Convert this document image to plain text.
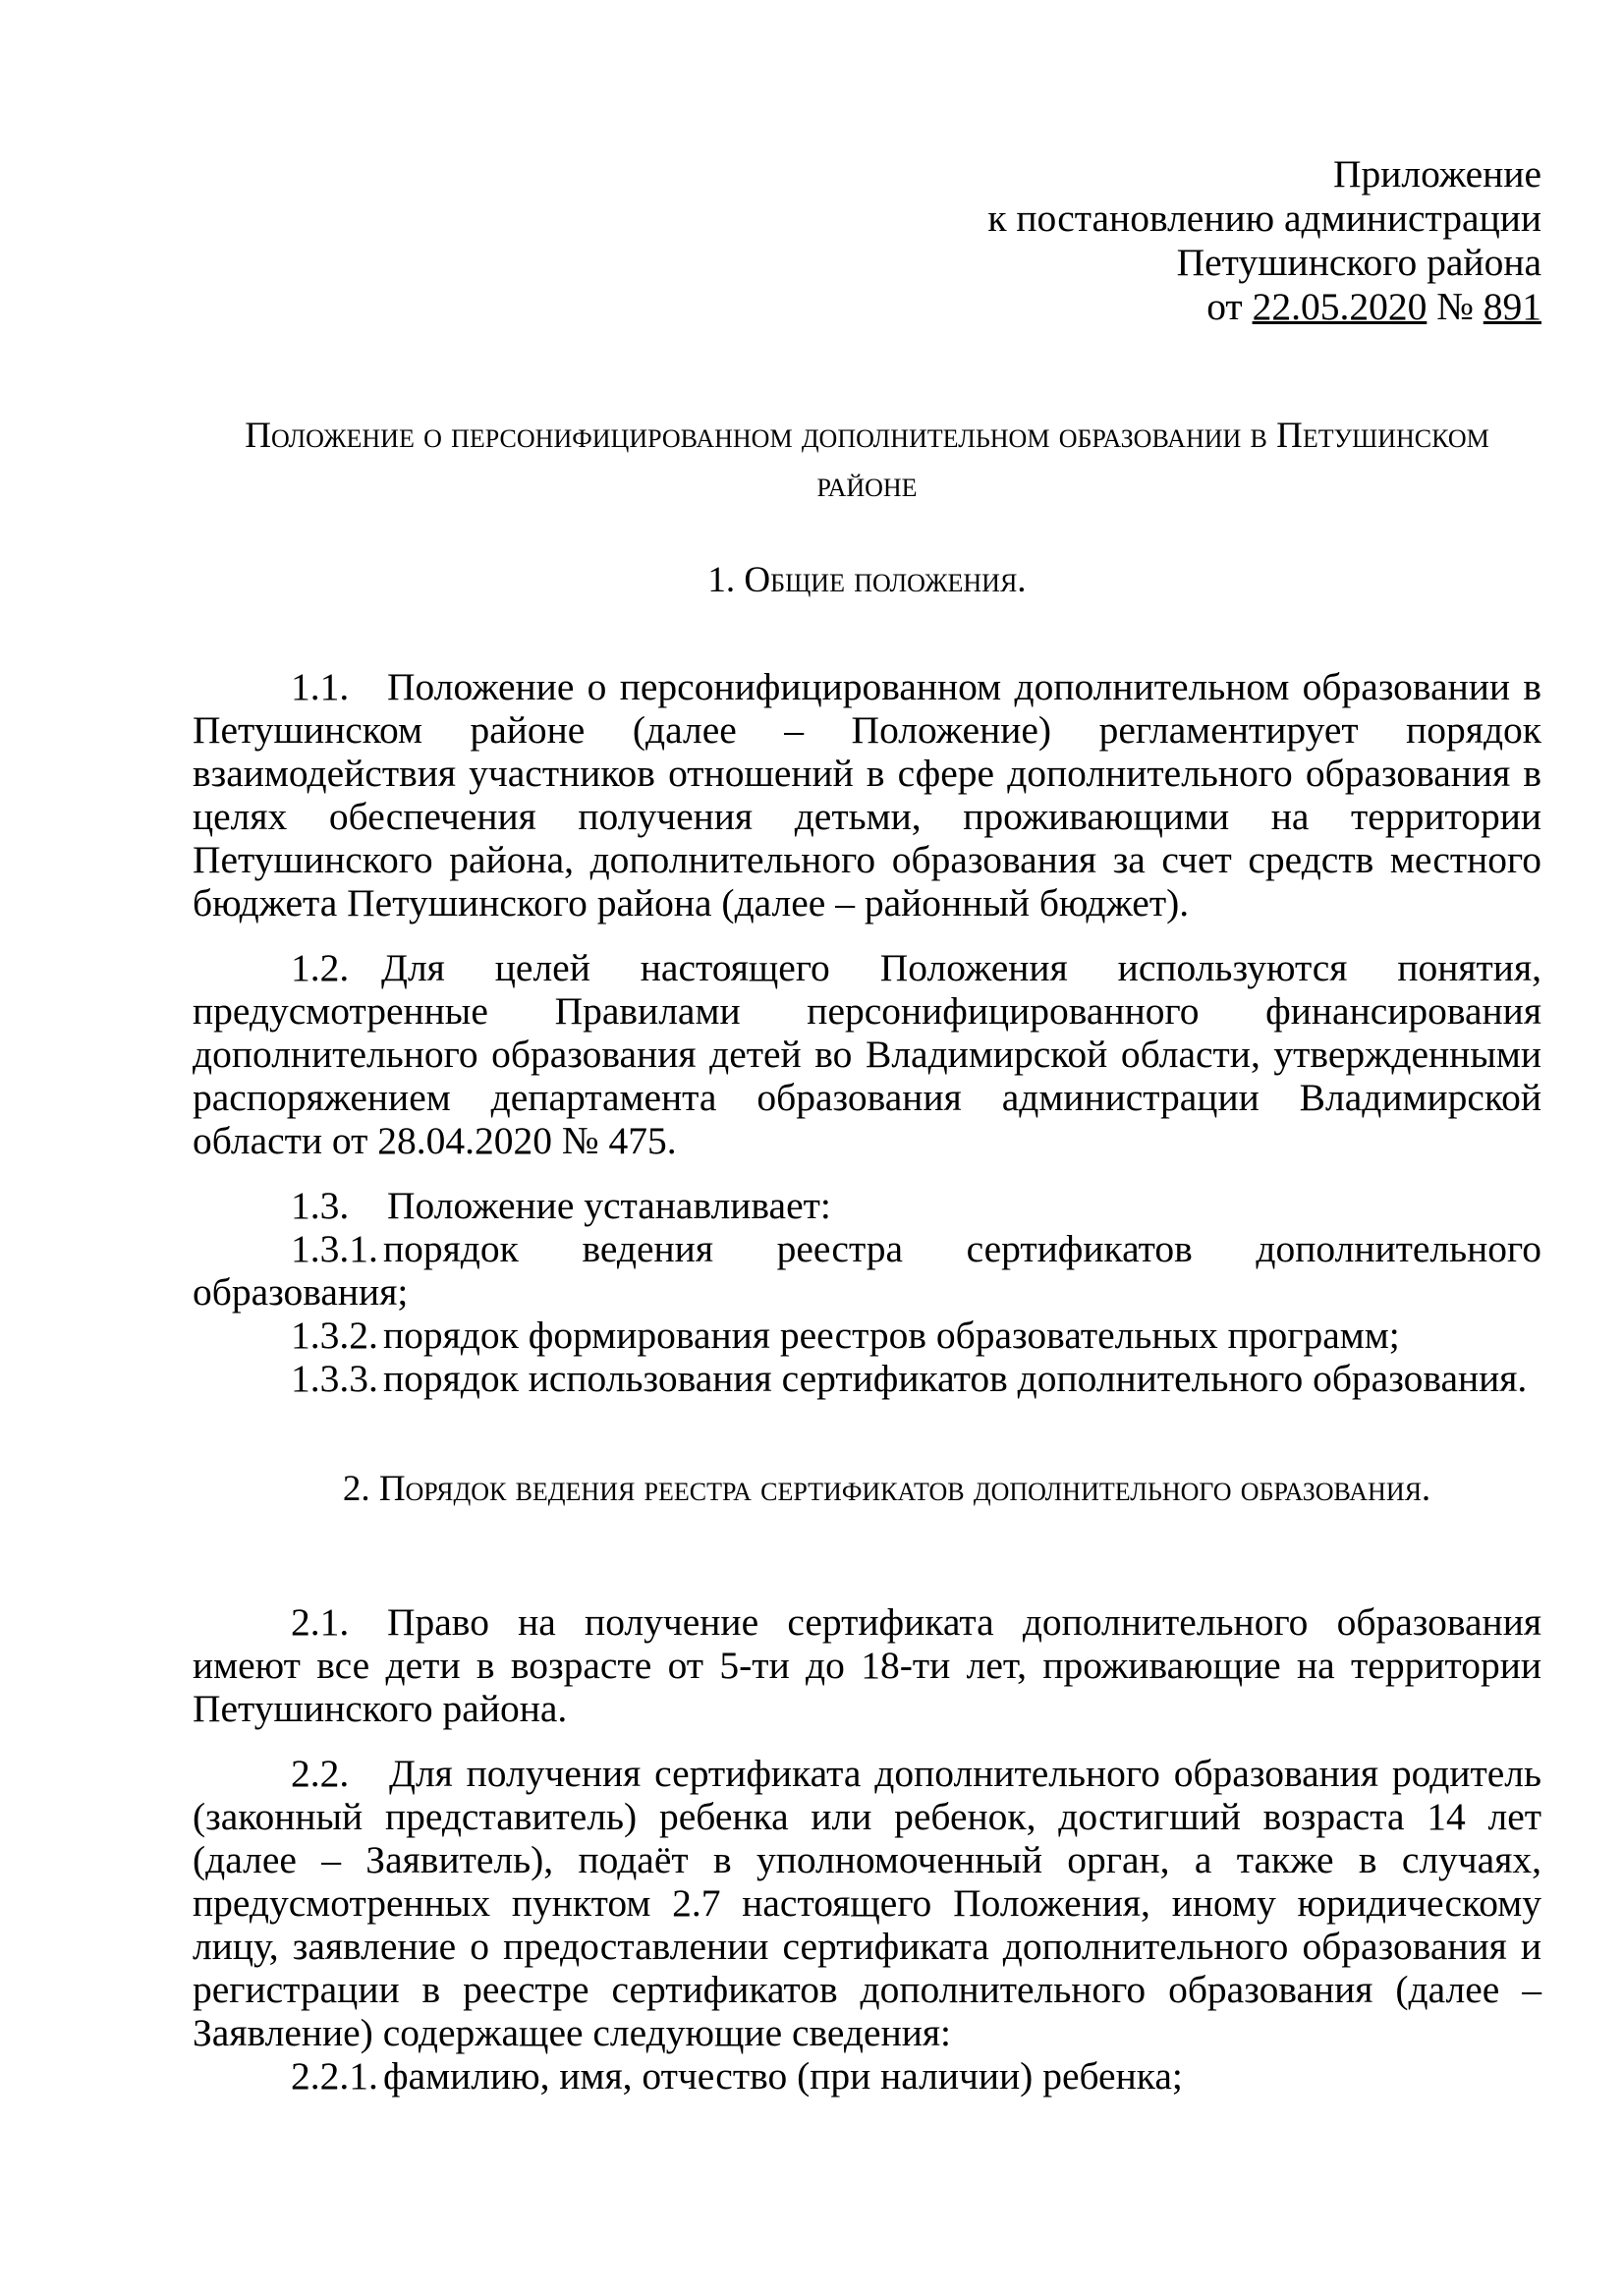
Приложение
к постановлению администрации
Петушинского района
от 22.05.2020 № 891
Положение о персонифицированном дополнительном образовании в Петушинском районе
1. Общие положения.

1.1. Положение о персонифицированном дополнительном образовании в Петушинском районе (далее – Положение) регламентирует порядок взаимодействия участников отношений в сфере дополнительного образования в целях обеспечения получения детьми, проживающими на территории Петушинского района, дополнительного образования за счет средств местного бюджета Петушинского района (далее – районный бюджет).

1.2. Для целей настоящего Положения используются понятия, предусмотренные Правилами персонифицированного финансирования дополнительного образования детей во Владимирской области, утвержденными распоряжением департамента образования администрации Владимирской области от 28.04.2020 № 475.

1.3. Положение устанавливает:

1.3.1. порядок ведения реестра сертификатов дополнительного образования;

1.3.2. порядок формирования реестров образовательных программ;

1.3.3. порядок использования сертификатов дополнительного образования.

2. Порядок ведения реестра сертификатов дополнительного образования.

2.1. Право на получение сертификата дополнительного образования имеют все дети в возрасте от 5-ти до 18-ти лет, проживающие на территории Петушинского района.

2.2. Для получения сертификата дополнительного образования родитель (законный представитель) ребенка или ребенок, достигший возраста 14 лет (далее – Заявитель), подаёт в уполномоченный орган, а также в случаях, предусмотренных пунктом 2.7 настоящего Положения, иному юридическому лицу, заявление о предоставлении сертификата дополнительного образования и регистрации в реестре сертификатов дополнительного образования (далее – Заявление) содержащее следующие сведения:

2.2.1. фамилию, имя, отчество (при наличии) ребенка;
